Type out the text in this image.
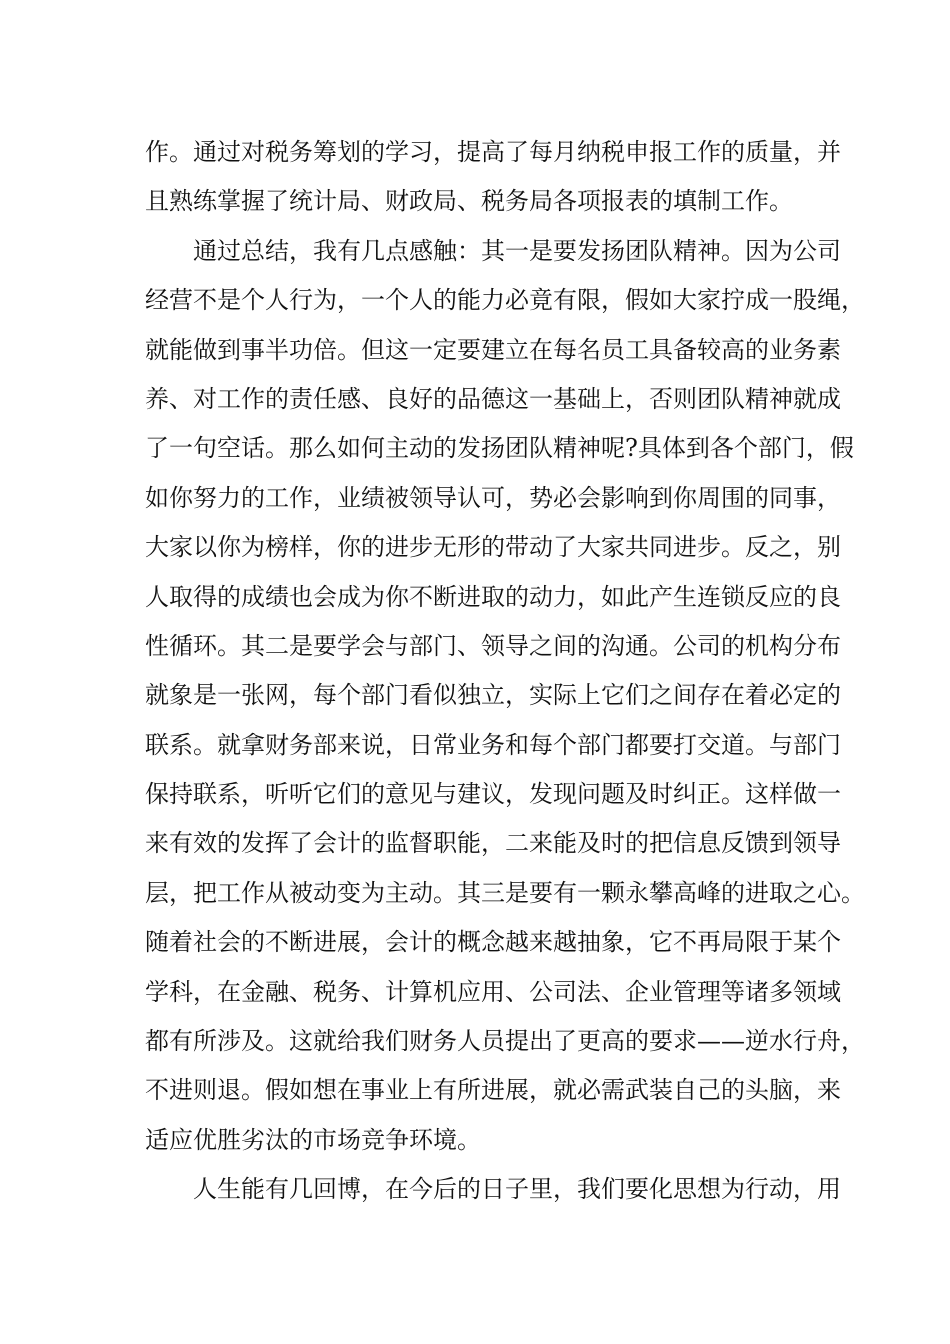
作。通过对税务筹划的学习，提高了每月纳税申报工作的质量，并
且熟练掌握了统计局、财政局、税务局各项报表的填制工作。
通过总结，我有几点感触：其一是要发扬团队精神。因为公司
经营不是个人行为，一个人的能力必竟有限，假如大家拧成一股绳，
就能做到事半功倍。但这一定要建立在每名员工具备较高的业务素
养、对工作的责任感、良好的品德这一基础上，否则团队精神就成
了一句空话。那么如何主动的发扬团队精神呢?具体到各个部门，假
如你努力的工作，业绩被领导认可，势必会影响到你周围的同事，
大家以你为榜样，你的进步无形的带动了大家共同进步。反之，别
人取得的成绩也会成为你不断进取的动力，如此产生连锁反应的良
性循环。其二是要学会与部门、领导之间的沟通。公司的机构分布
就象是一张网，每个部门看似独立，实际上它们之间存在着必定的
联系。就拿财务部来说，日常业务和每个部门都要打交道。与部门
保持联系，听听它们的意见与建议，发现问题及时纠正。这样做一
来有效的发挥了会计的监督职能，二来能及时的把信息反馈到领导
层，把工作从被动变为主动。其三是要有一颗永攀高峰的进取之心。
随着社会的不断进展，会计的概念越来越抽象，它不再局限于某个
学科，在金融、税务、计算机应用、公司法、企业管理等诸多领域
都有所涉及。这就给我们财务人员提出了更高的要求——逆水行舟，
不进则退。假如想在事业上有所进展，就必需武装自己的头脑，来
适应优胜劣汰的市场竞争环境。
人生能有几回博，在今后的日子里，我们要化思想为行动，用
